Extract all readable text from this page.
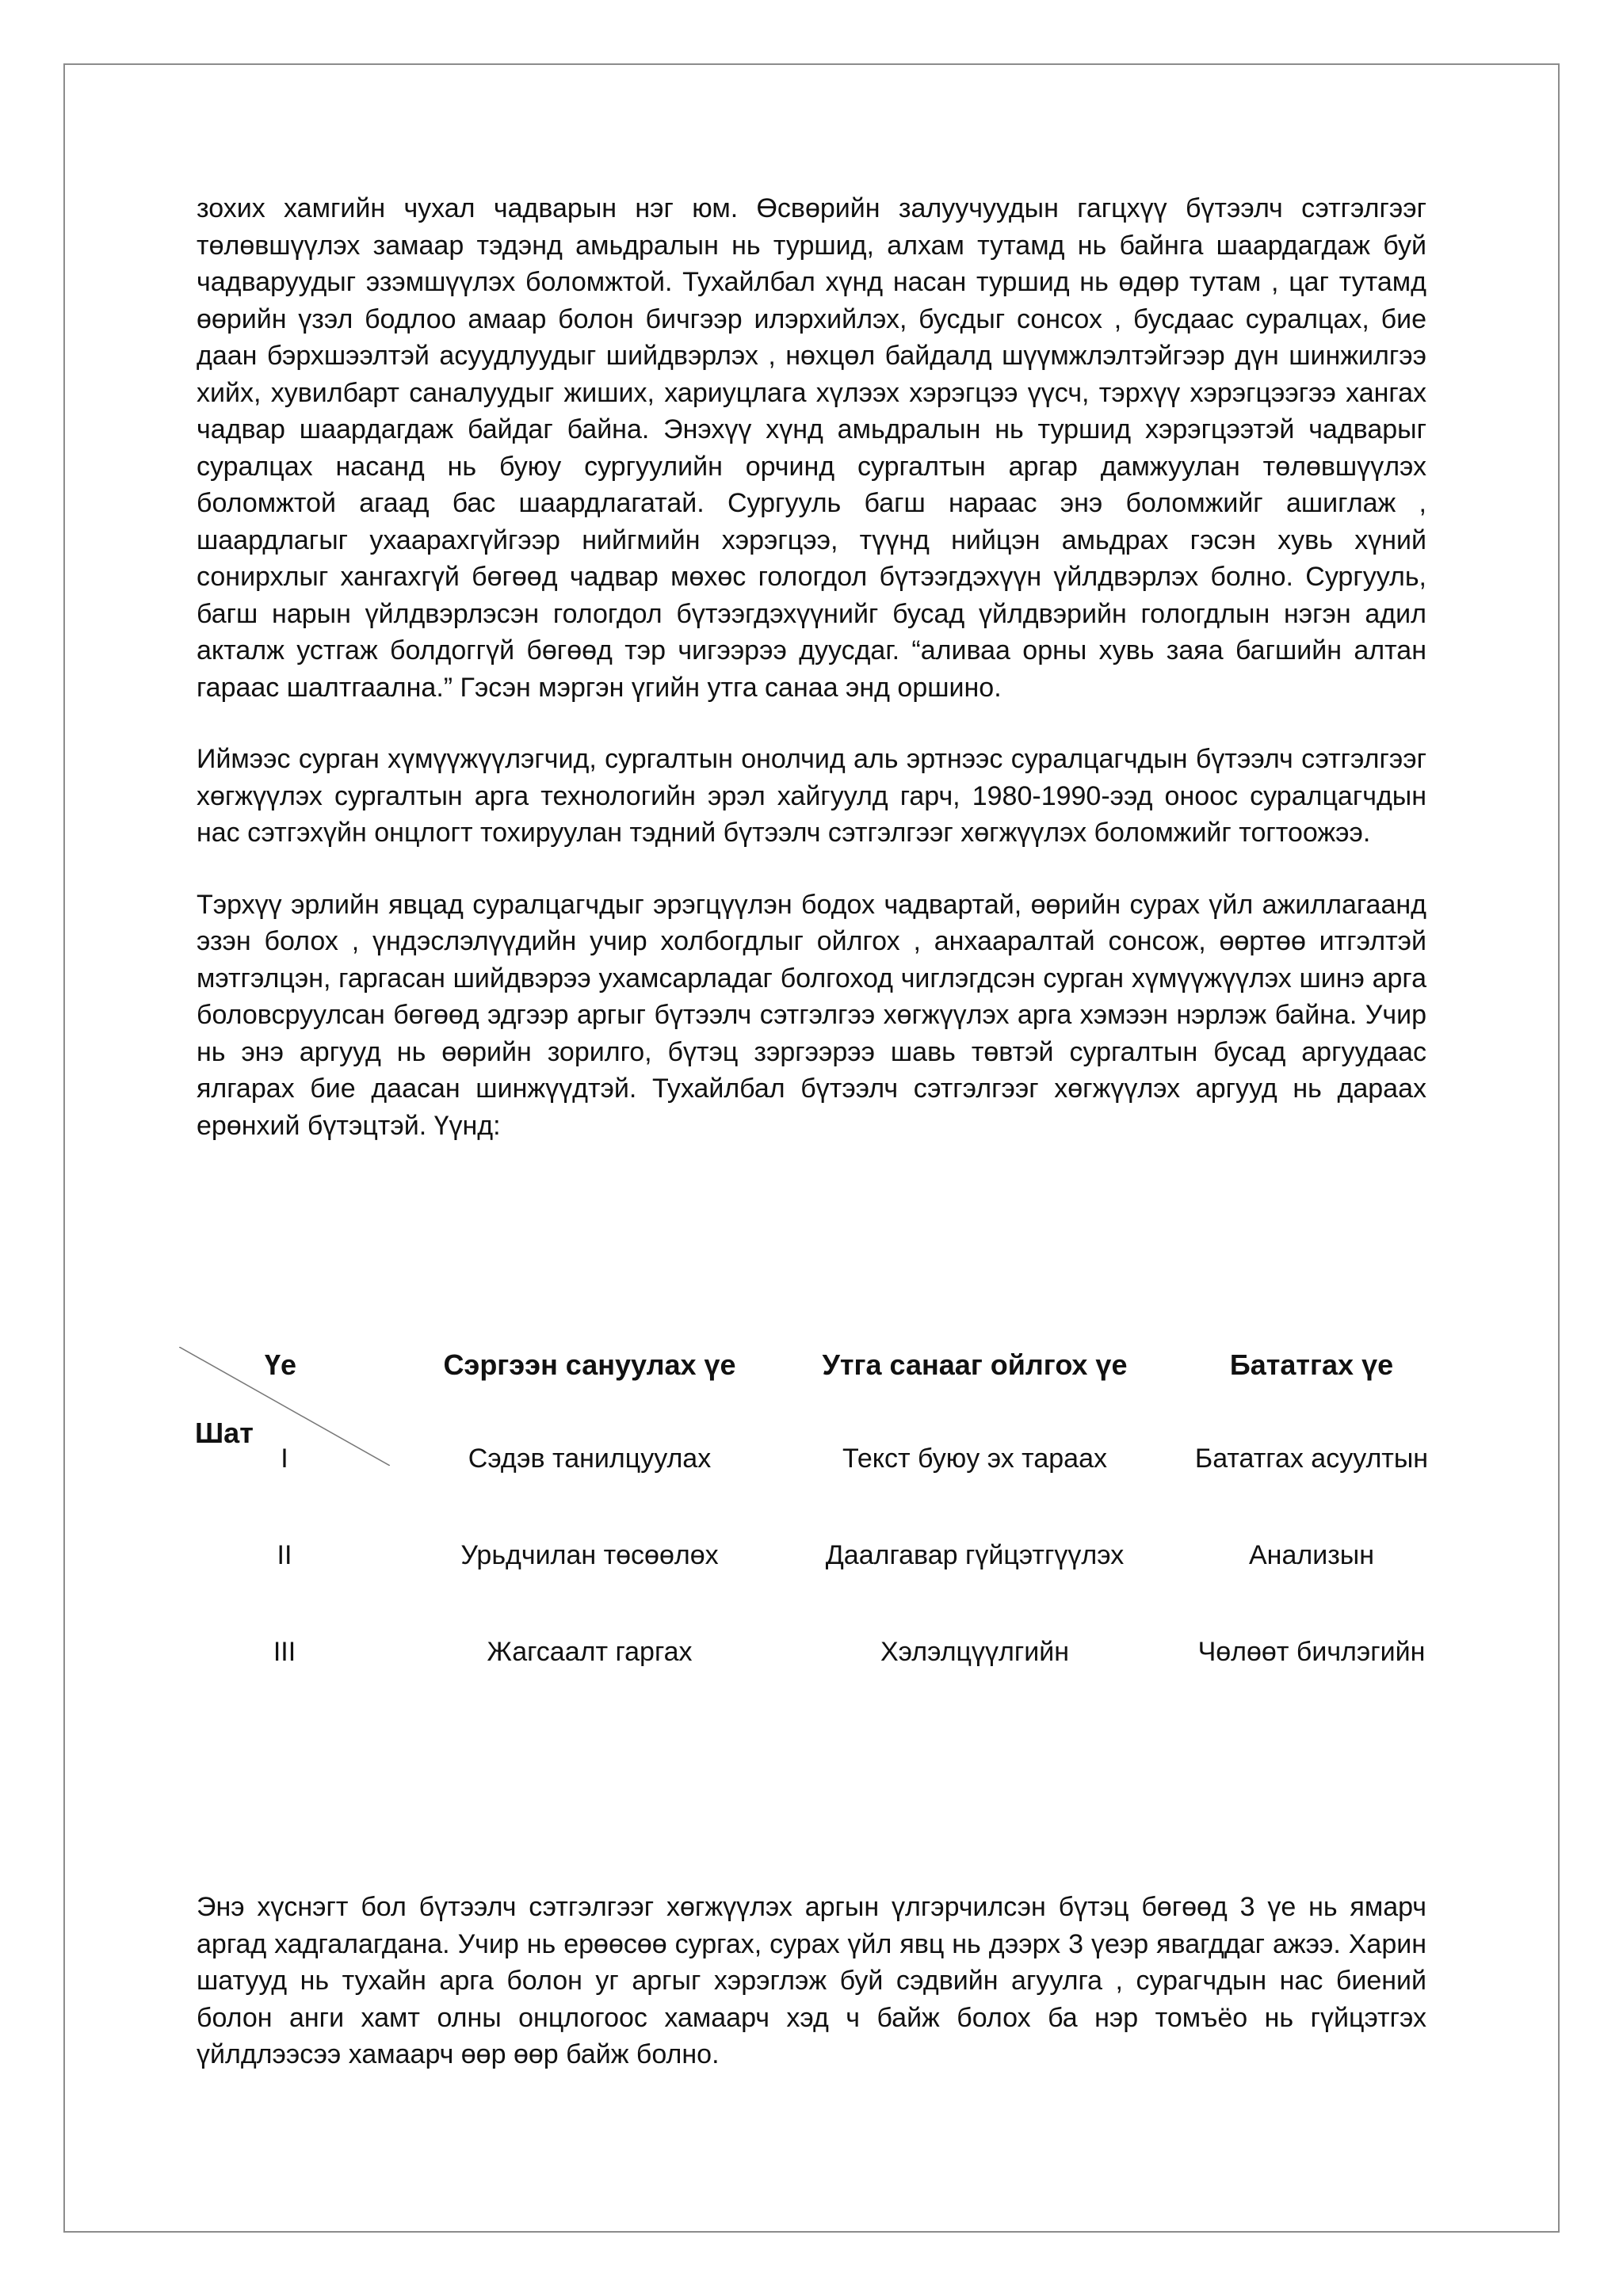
зохих хамгийн чухал чадварын нэг юм. Өсвөрийн залуучуудын гагцхүү бүтээлч сэтгэлгээг төлөвшүүлэх замаар тэдэнд амьдралын нь туршид, алхам тутамд нь байнга шаардагдаж буй чадваруудыг эзэмшүүлэх боломжтой. Тухайлбал хүнд насан туршид нь өдөр тутам , цаг тутамд өөрийн үзэл бодлоо амаар болон бичгээр илэрхийлэх, бусдыг сонсох , бусдаас суралцах, бие даан бэрхшээлтэй асуудлуудыг шийдвэрлэх , нөхцөл байдалд шүүмжлэлтэйгээр дүн шинжилгээ хийх, хувилбарт саналуудыг жиших, хариуцлага хүлээх хэрэгцээ үүсч, тэрхүү хэрэгцээгээ хангах чадвар шаардагдаж байдаг байна. Энэхүү хүнд амьдралын нь туршид хэрэгцээтэй чадварыг суралцах насанд нь буюу сургуулийн орчинд сургалтын аргар дамжуулан төлөвшүүлэх боломжтой агаад бас шаардлагатай. Сургууль багш нараас энэ боломжийг ашиглаж , шаардлагыг ухаарахгүйгээр нийгмийн хэрэгцээ, түүнд нийцэн амьдрах гэсэн хувь хүний сонирхлыг хангахгүй бөгөөд чадвар мөхөс гологдол бүтээгдэхүүн үйлдвэрлэх болно. Сургууль, багш нарын үйлдвэрлэсэн гологдол бүтээгдэхүүнийг бусад үйлдвэрийн гологдлын нэгэн адил акталж устгаж болдоггүй бөгөөд тэр чигээрээ дуусдаг. “аливаа орны хувь заяа багшийн алтан гараас шалтгаална.” Гэсэн мэргэн үгийн утга санаа энд оршино.

Иймээс сурган хүмүүжүүлэгчид, сургалтын онолчид аль эртнээс суралцагчдын бүтээлч сэтгэлгээг хөгжүүлэх сургалтын арга технологийн эрэл хайгуулд гарч, 1980-1990-ээд оноос суралцагчдын нас сэтгэхүйн онцлогт тохируулан тэдний бүтээлч сэтгэлгээг хөгжүүлэх боломжийг тогтоожээ.

Тэрхүү эрлийн явцад суралцагчдыг эрэгцүүлэн бодох чадвартай, өөрийн сурах үйл ажиллагаанд эзэн болох , үндэслэлүүдийн учир холбогдлыг ойлгох , анхааралтай сонсож, өөртөө итгэлтэй мэтгэлцэн, гаргасан шийдвэрээ ухамсарладаг болгоход чиглэгдсэн сурган хүмүүжүүлэх шинэ арга боловсруулсан бөгөөд эдгээр аргыг бүтээлч сэтгэлгээ хөгжүүлэх арга хэмээн нэрлэж байна. Учир нь энэ аргууд нь өөрийн зорилго, бүтэц зэргээрээ шавь төвтэй сургалтын бусад аргуудаас ялгарах бие даасан шинжүүдтэй. Тухайлбал бүтээлч сэтгэлгээг хөгжүүлэх аргууд нь дараах ерөнхий бүтэцтэй. Үүнд:

Үе
Шат	Сэргээн сануулах үе	Утга санааг ойлгох үе	Бататгах үе
I	Сэдэв танилцуулах	Текст буюу эх тараах	Бататгах асуултын
II	Урьдчилан төсөөлөх	Даалгавар гүйцэтгүүлэх	Анализын
III	Жагсаалт гаргах	Хэлэлцүүлгийн	Чөлөөт бичлэгийн

Энэ хүснэгт бол бүтээлч сэтгэлгээг хөгжүүлэх аргын үлгэрчилсэн бүтэц бөгөөд 3 үе нь ямарч аргад хадгалагдана. Учир нь ерөөсөө сургах, сурах үйл явц нь дээрх 3 үеэр явагддаг ажээ. Харин шатууд нь тухайн арга болон уг аргыг хэрэглэж буй сэдвийн агуулга , сурагчдын нас биений болон анги хамт олны онцлогоос хамаарч хэд ч байж болох ба нэр томъёо нь гүйцэтгэх үйлдлээсээ хамаарч өөр өөр байж болно.
